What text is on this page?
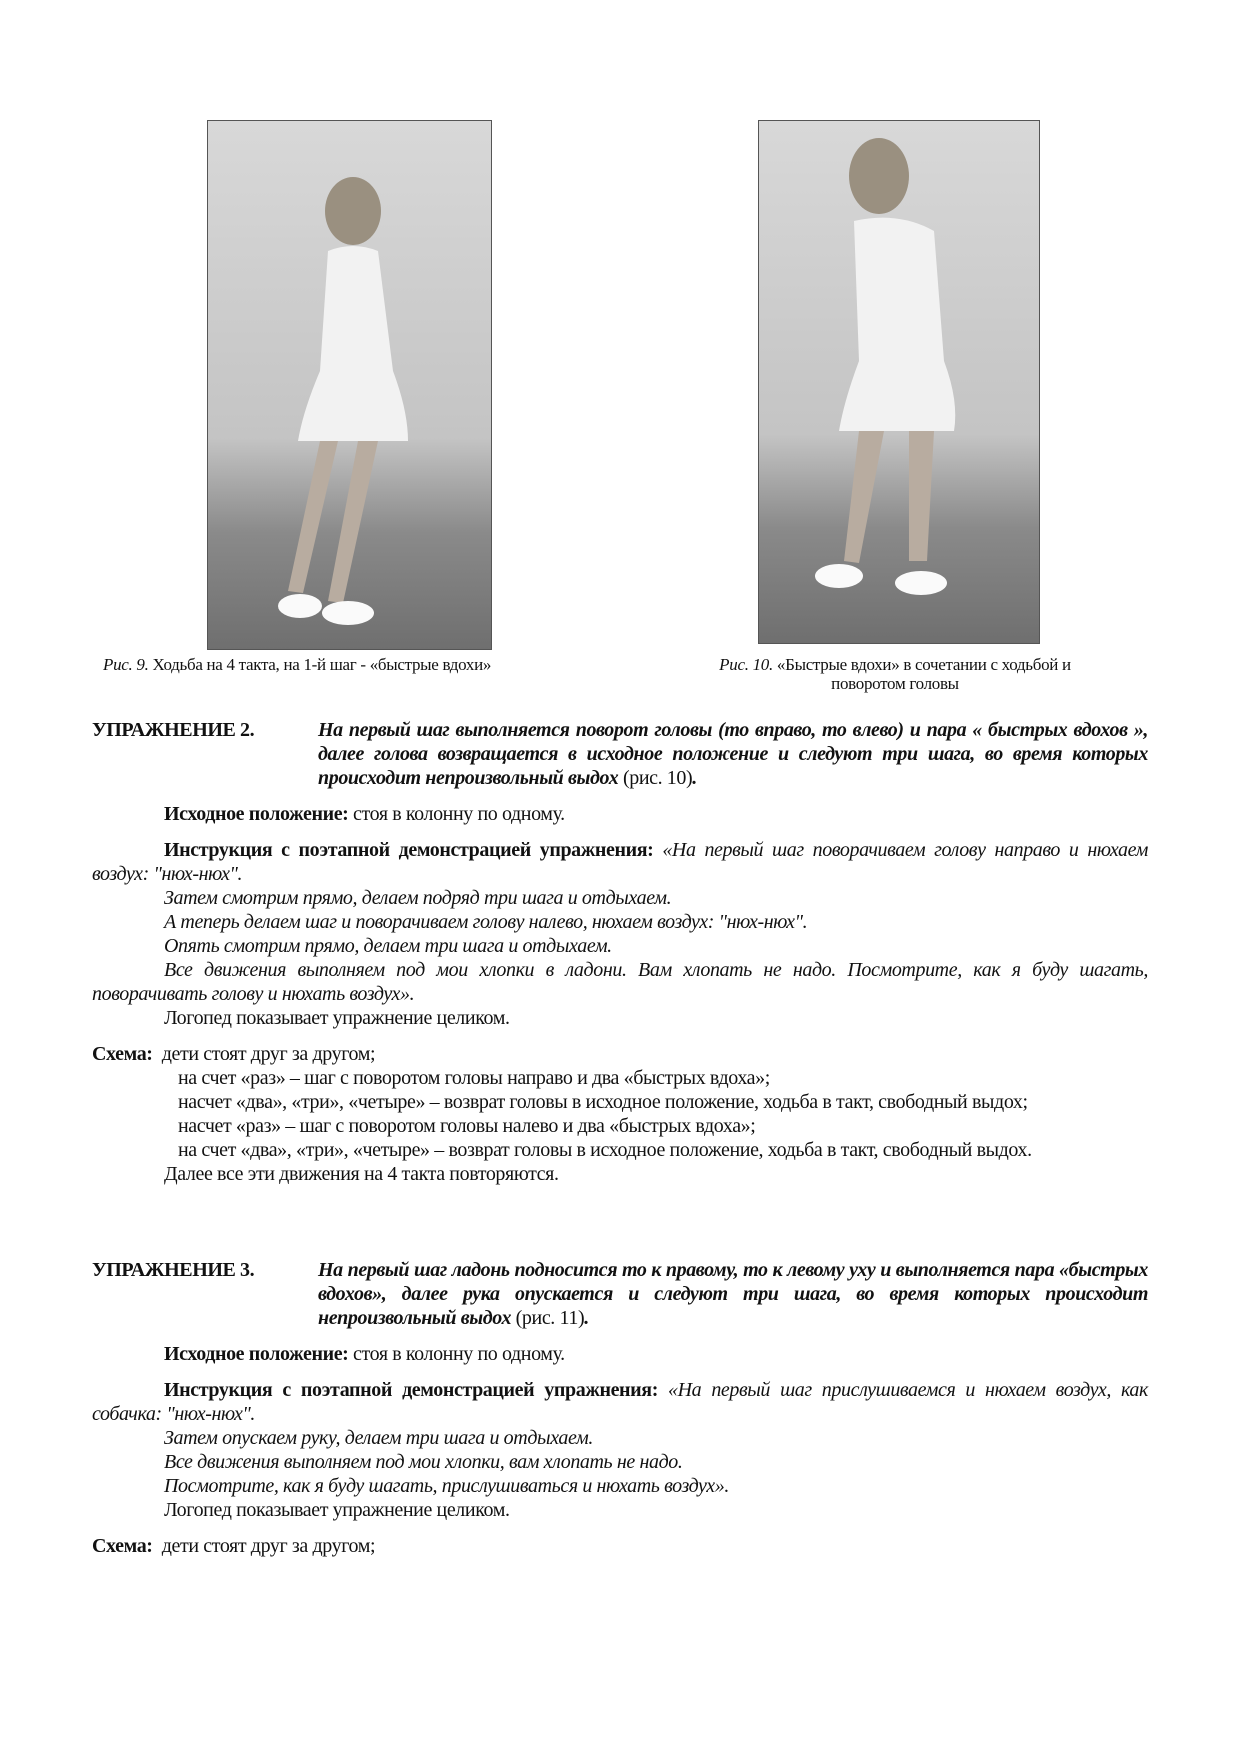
Рис. 9. Ходьба на 4 такта, на 1-й шаг - «быстрые вдохи»	Рис. 10. «Быстрые вдохи» в сочетании с ходьбой и
поворотом головы
УПРАЖНЕНИЕ 2.	На первый шаг выполняется поворот головы (то вправо, то влево) и пара « быстрых вдохов », далее голова возвращается в исходное положение и следуют три шага, во время которых происходит непроизвольный выдох (рис. 10).
Исходное положение: стоя в колонну по одному.
Инструкция с поэтапной демонстрацией упражнения: «На первый шаг поворачиваем голову направо и нюхаем воздух: "нюх-нюх".
Затем смотрим прямо, делаем подряд три шага и отдыхаем.
А теперь делаем шаг и поворачиваем голову налево, нюхаем воздух: "нюх-нюх".
Опять смотрим прямо, делаем три шага и отдыхаем.
Все движения выполняем под мои хлопки в ладони. Вам хлопать не надо. Посмотрите, как я буду шагать, поворачивать голову и нюхать воздух».
Логопед показывает упражнение целиком.
Схема: дети стоят друг за другом;
на счет «раз» – шаг с поворотом головы направо и два «быстрых вдоха»;
насчет «два», «три», «четыре» – возврат головы в исходное положение, ходьба в такт, свободный выдох;
насчет «раз» – шаг с поворотом головы налево и два «быстрых вдоха»;
на счет «два», «три», «четыре» – возврат головы в исходное положение, ходьба в такт, свободный выдох.
Далее все эти движения на 4 такта повторяются.
УПРАЖНЕНИЕ 3.	На первый шаг ладонь подносится то к правому, то к левому уху и выполняется пара «быстрых вдохов», далее рука опускается и следуют три шага, во время которых происходит непроизвольный выдох (рис. 11).
Исходное положение: стоя в колонну по одному.
Инструкция с поэтапной демонстрацией упражнения: «На первый шаг прислушиваемся и нюхаем воздух, как собачка: "нюх-нюх".
Затем опускаем руку, делаем три шага и отдыхаем.
Все движения выполняем под мои хлопки, вам хлопать не надо.
Посмотрите, как я буду шагать, прислушиваться и нюхать воздух».
Логопед показывает упражнение целиком.
Схема: дети стоят друг за другом;
